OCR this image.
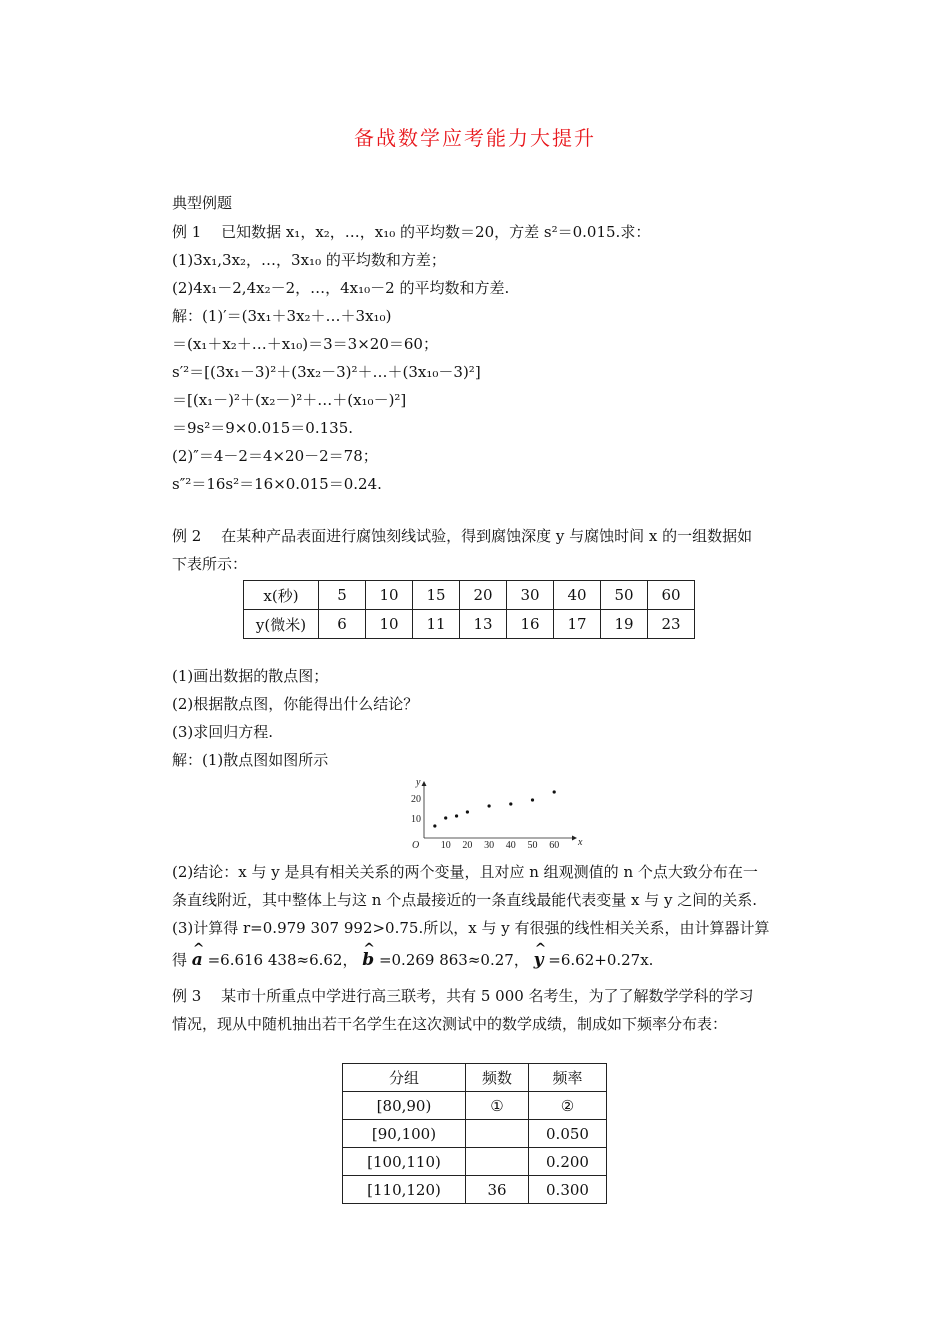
备战数学应考能力大提升
典型例题
例 1　 已知数据 x₁，x₂，…，x₁₀ 的平均数＝20，方差 s²＝0.015.求：
(1)3x₁,3x₂，…，3x₁₀ 的平均数和方差；
(2)4x₁－2,4x₂－2，…，4x₁₀－2 的平均数和方差.
解：(1)′＝(3x₁＋3x₂＋…＋3x₁₀)
＝(x₁＋x₂＋…＋x₁₀)＝3＝3×20＝60；
s′²＝[(3x₁－3)²＋(3x₂－3)²＋…＋(3x₁₀－3)²]
＝[(x₁－)²＋(x₂－)²＋…＋(x₁₀－)²]
＝9s²＝9×0.015＝0.135.
(2)″＝4－2＝4×20－2＝78；
s″²＝16s²＝16×0.015＝0.24.
例 2　 在某种产品表面进行腐蚀刻线试验，得到腐蚀深度 y 与腐蚀时间 x 的一组数据如
下表所示：
x(秒)	5	10	15	20	30	40	50	60
y(微米)	6	10	11	13	16	17	19	23
(1)画出数据的散点图；
(2)根据散点图，你能得出什么结论？
(3)求回归方程.
解：(1)散点图如图所示
x
y
O 10 20 30 40 50 60
10
20
(2)结论：x 与 y 是具有相关关系的两个变量，且对应 n 组观测值的 n 个点大致分布在一
条直线附近，其中整体上与这 n 个点最接近的一条直线最能代表变量 x 与 y 之间的关系.
(3)计算得 r=0.979 307 992>0.75.所以，x 与 y 有很强的线性相关关系，由计算器计算
得 ^ a =6.616 438≈6.62， ^ b =0.269 863≈0.27， ^ y =6.62+0.27x.
例 3　 某市十所重点中学进行高三联考，共有 5 000 名考生，为了了解数学学科的学习
情况，现从中随机抽出若干名学生在这次测试中的数学成绩，制成如下频率分布表：
分组	频数	频率
[80,90)	①	②
[90,100)		0.050
[100,110)		0.200
[110,120)	36	0.300
